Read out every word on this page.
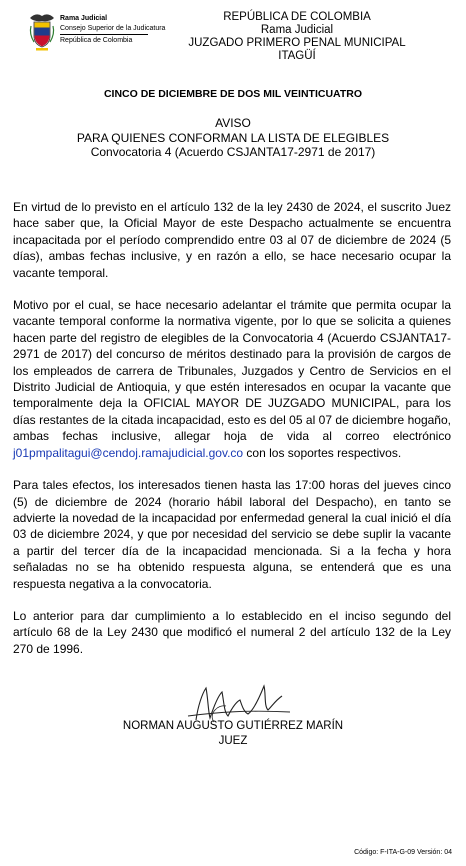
Rama Judicial
Consejo Superior de la Judicatura
República de Colombia
REPÚBLICA DE COLOMBIA
Rama Judicial
JUZGADO PRIMERO PENAL MUNICIPAL
ITAGÜÍ
CINCO DE DICIEMBRE DE DOS MIL VEINTICUATRO
AVISO
PARA QUIENES CONFORMAN LA LISTA DE ELEGIBLES
Convocatoria 4 (Acuerdo CSJANTA17-2971 de 2017)

En virtud de lo previsto en el artículo 132 de la ley 2430 de 2024, el suscrito Juez hace saber que, la Oficial Mayor de este Despacho actualmente se encuentra incapacitada por el período comprendido entre 03 al 07 de diciembre de 2024 (5 días), ambas fechas inclusive, y en razón a ello, se hace necesario ocupar la vacante temporal.

Motivo por el cual, se hace necesario adelantar el trámite que permita ocupar la vacante temporal conforme la normativa vigente, por lo que se solicita a quienes hacen parte del registro de elegibles de la Convocatoria 4 (Acuerdo CSJANTA17- 2971 de 2017) del concurso de méritos destinado para la provisión de cargos de los empleados de carrera de Tribunales, Juzgados y Centro de Servicios en el Distrito Judicial de Antioquia, y que estén interesados en ocupar la vacante que temporalmente deja la OFICIAL MAYOR DE JUZGADO MUNICIPAL, para los días restantes de la citada incapacidad, esto es del 05 al 07 de diciembre hogaño, ambas fechas inclusive, allegar hoja de vida al correo electrónico j01pmpalitagui@cendoj.ramajudicial.gov.co con los soportes respectivos.

Para tales efectos, los interesados tienen hasta las 17:00 horas del jueves cinco (5) de diciembre de 2024 (horario hábil laboral del Despacho), en tanto se advierte la novedad de la incapacidad por enfermedad general la cual inició el día 03 de diciembre 2024, y que por necesidad del servicio se debe suplir la vacante a partir del tercer día de la incapacidad mencionada. Si a la fecha y hora señaladas no se ha obtenido respuesta alguna, se entenderá que es una respuesta negativa a la convocatoria.

Lo anterior para dar cumplimiento a lo establecido en el inciso segundo del artículo 68 de la Ley 2430 que modificó el numeral 2 del artículo 132 de la Ley 270 de 1996.

NORMAN AUGUSTO GUTIÉRREZ MARÍN
JUEZ
Código: F-ITA-G-09 Versión: 04
